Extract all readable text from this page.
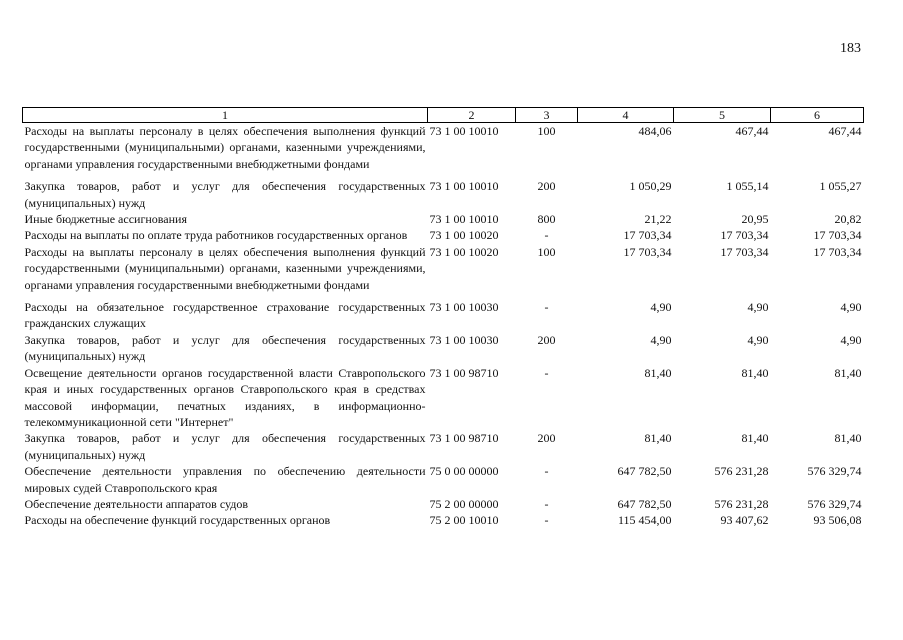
183
1	2	3	4	5	6
Расходы на выплаты персоналу в целях обеспечения выполнения функций государственными (муниципальными) органами, казенными учреждениями, органами управления государственными внебюджетными фондами	73 1 00 10010	100	484,06	467,44	467,44
Закупка товаров, работ и услуг для обеспечения государственных (муниципальных) нужд	73 1 00 10010	200	1 050,29	1 055,14	1 055,27
Иные бюджетные ассигнования	73 1 00 10010	800	21,22	20,95	20,82
Расходы на выплаты по оплате труда работников государственных органов	73 1 00 10020	-	17 703,34	17 703,34	17 703,34
Расходы на выплаты персоналу в целях обеспечения выполнения функций государственными (муниципальными) органами, казенными учреждениями, органами управления государственными внебюджетными фондами	73 1 00 10020	100	17 703,34	17 703,34	17 703,34
Расходы на обязательное государственное страхование государственных гражданских служащих	73 1 00 10030	-	4,90	4,90	4,90
Закупка товаров, работ и услуг для обеспечения государственных (муниципальных) нужд	73 1 00 10030	200	4,90	4,90	4,90
Освещение деятельности органов государственной власти Ставропольского края и иных государственных органов Ставропольского края в средствах массовой информации, печатных изданиях, в информационно-телекоммуникационной сети "Интернет"	73 1 00 98710	-	81,40	81,40	81,40
Закупка товаров, работ и услуг для обеспечения государственных (муниципальных) нужд	73 1 00 98710	200	81,40	81,40	81,40
Обеспечение деятельности управления по обеспечению деятельности мировых судей Ставропольского края	75 0 00 00000	-	647 782,50	576 231,28	576 329,74
Обеспечение деятельности аппаратов судов	75 2 00 00000	-	647 782,50	576 231,28	576 329,74
Расходы на обеспечение функций государственных органов	75 2 00 10010	-	115 454,00	93 407,62	93 506,08
